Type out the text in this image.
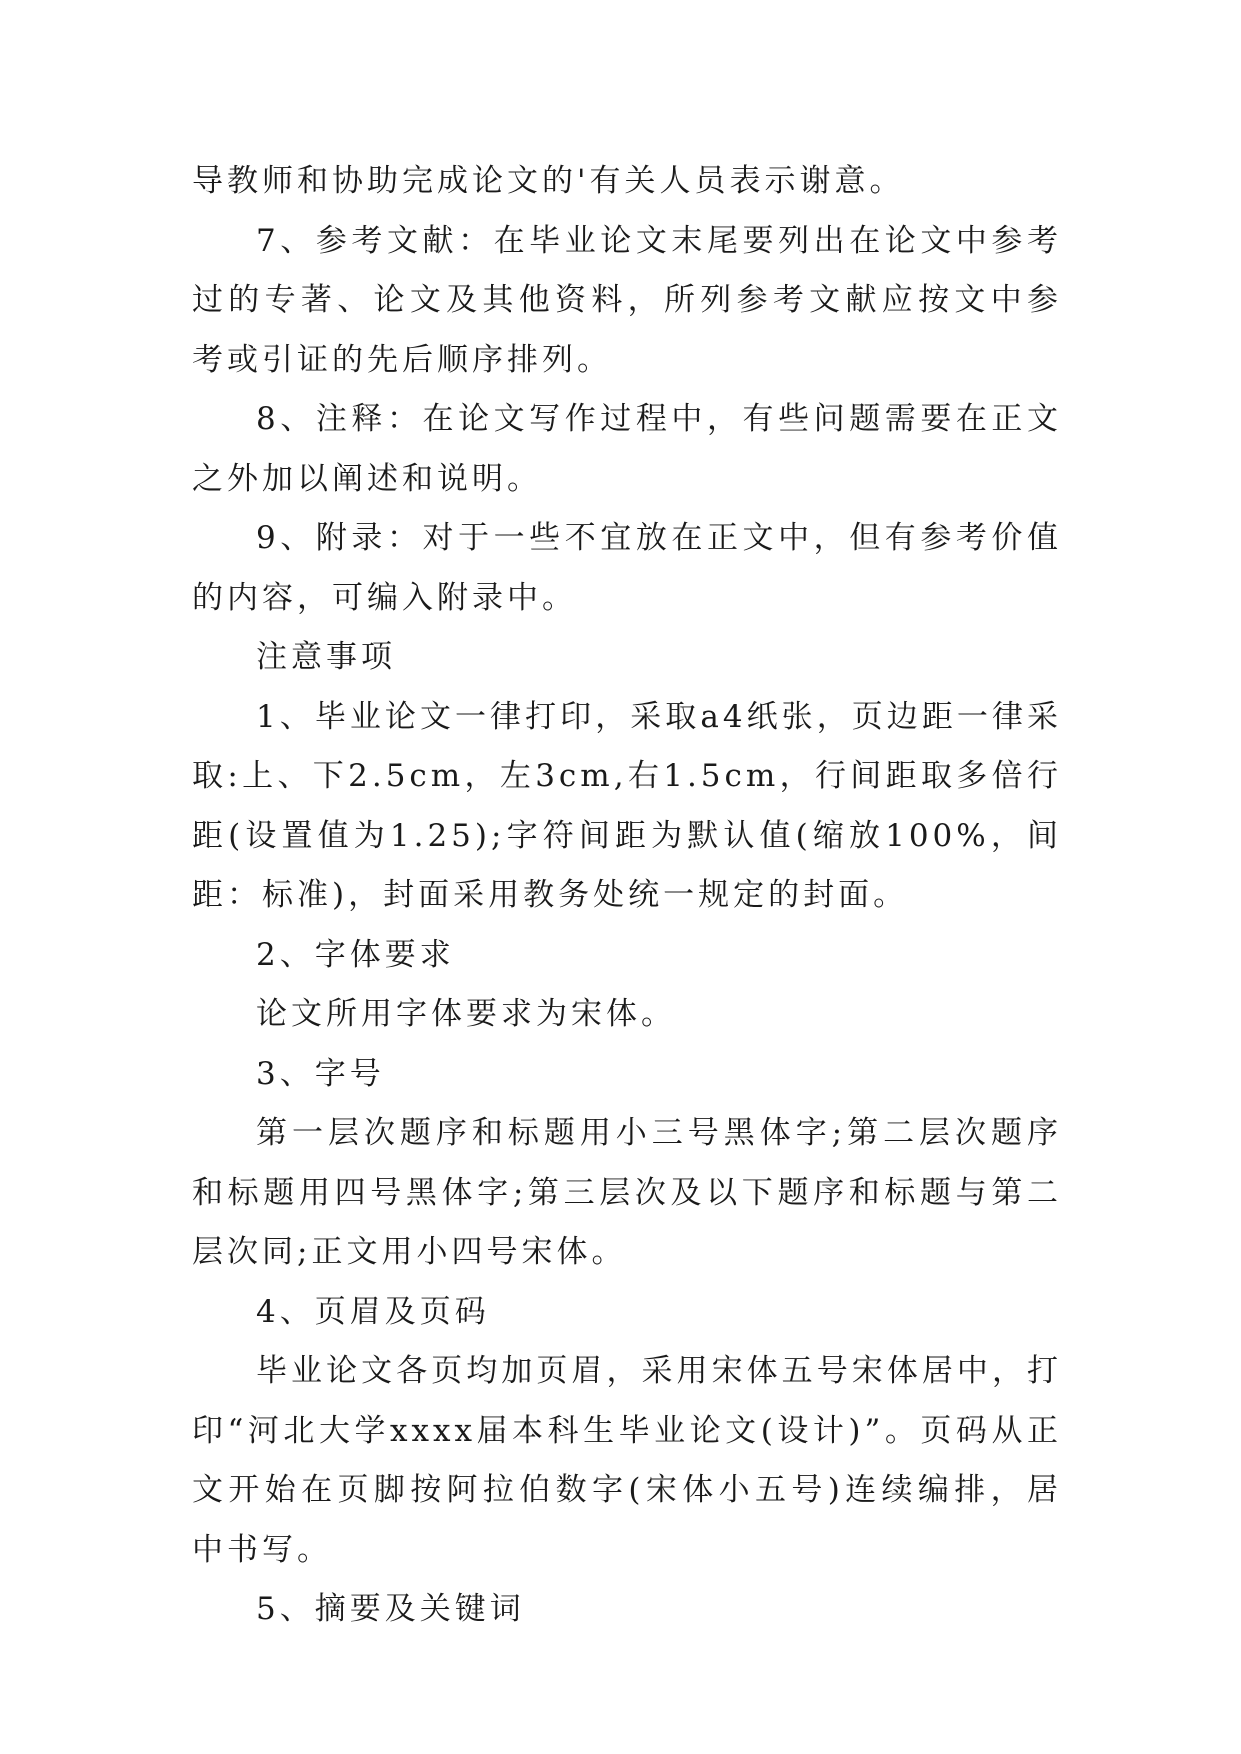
导教师和协助完成论文的'有关人员表示谢意。

7、参考文献：在毕业论文末尾要列出在论文中参考过的专著、论文及其他资料，所列参考文献应按文中参考或引证的先后顺序排列。

8、注释：在论文写作过程中，有些问题需要在正文之外加以阐述和说明。

9、附录：对于一些不宜放在正文中，但有参考价值的内容，可编入附录中。

注意事项

1、毕业论文一律打印，采取a4纸张，页边距一律采取:上、下2.5cm，左3cm,右1.5cm，行间距取多倍行距(设置值为1.25);字符间距为默认值(缩放100%，间距：标准)，封面采用教务处统一规定的封面。

2、字体要求

论文所用字体要求为宋体。

3、字号

第一层次题序和标题用小三号黑体字;第二层次题序和标题用四号黑体字;第三层次及以下题序和标题与第二层次同;正文用小四号宋体。

4、页眉及页码

毕业论文各页均加页眉，采用宋体五号宋体居中，打印“河北大学xxxx届本科生毕业论文(设计)”。页码从正文开始在页脚按阿拉伯数字(宋体小五号)连续编排，居中书写。

5、摘要及关键词
